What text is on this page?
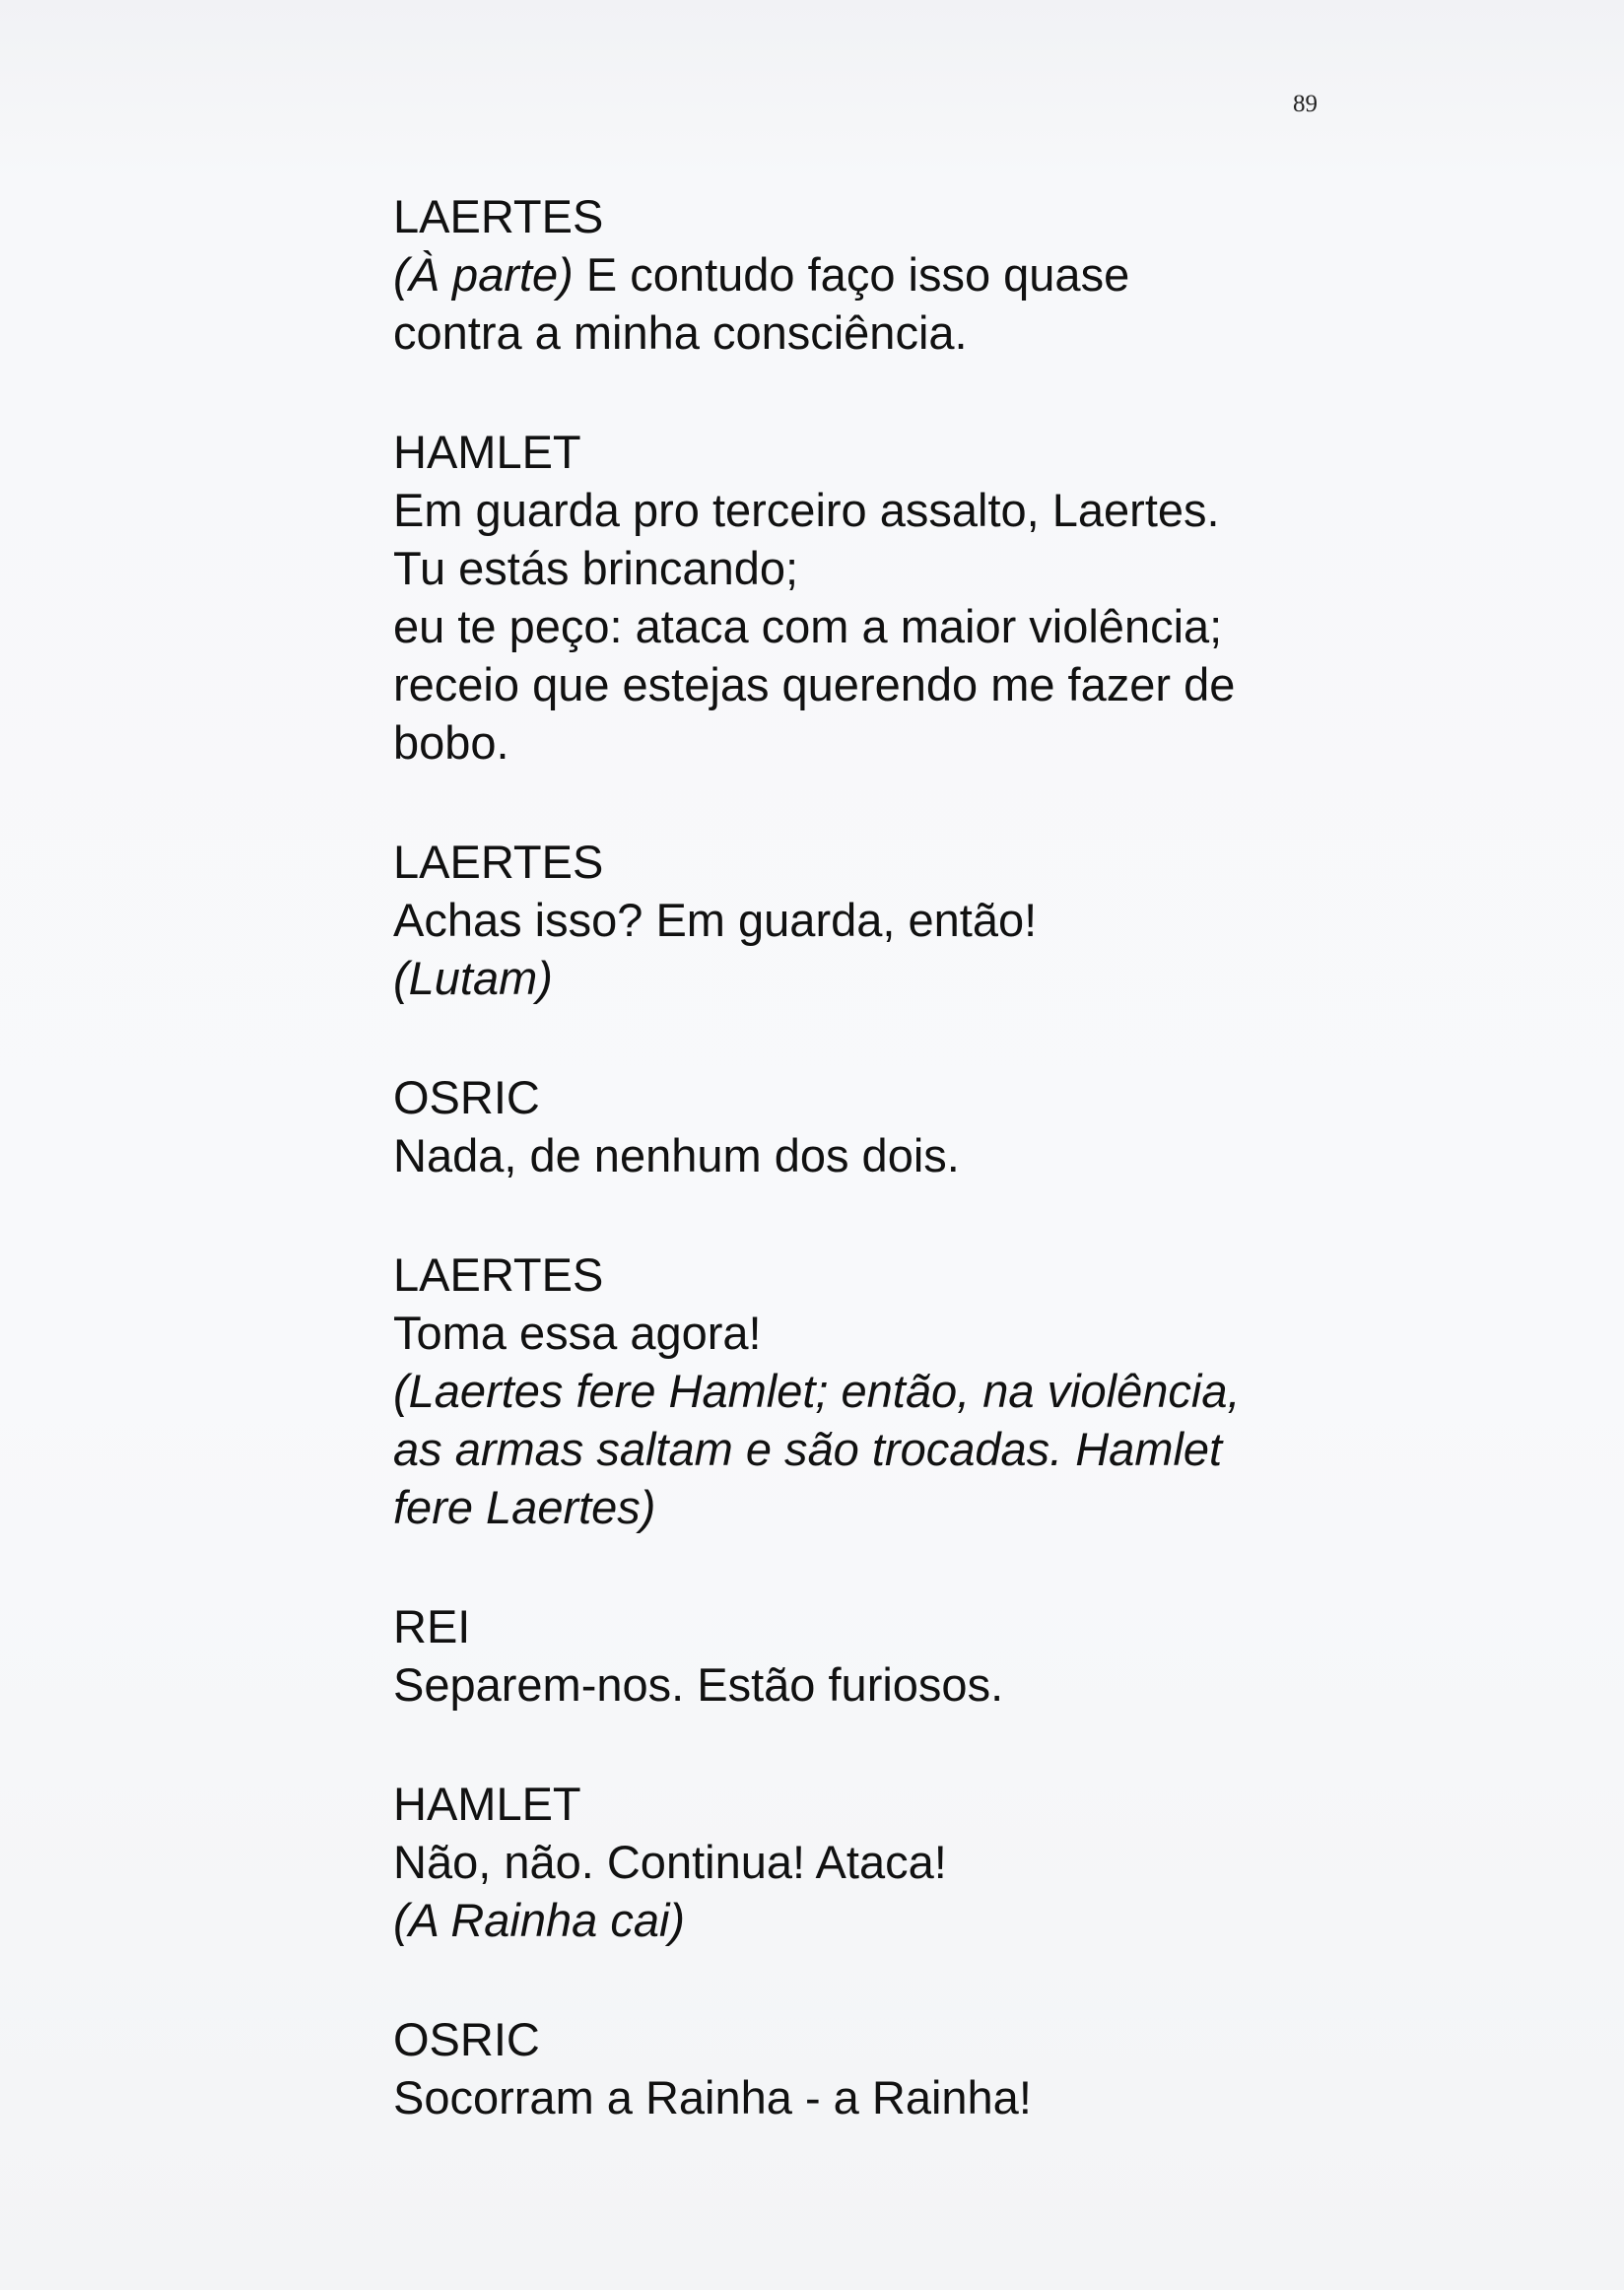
89
LAERTES
(À parte) E contudo faço isso quase
contra a minha consciência.
HAMLET
Em guarda pro terceiro assalto, Laertes.
Tu estás brincando;
eu te peço: ataca com a maior violência;
receio que estejas querendo me fazer de
bobo.
LAERTES
Achas isso? Em guarda, então!
(Lutam)
OSRIC
Nada, de nenhum dos dois.
LAERTES
Toma essa agora!
(Laertes fere Hamlet; então, na violência,
as armas saltam e são trocadas. Hamlet
fere Laertes)
REI
Separem-nos. Estão furiosos.
HAMLET
Não, não. Continua! Ataca!
(A Rainha cai)
OSRIC
Socorram a Rainha - a Rainha!
